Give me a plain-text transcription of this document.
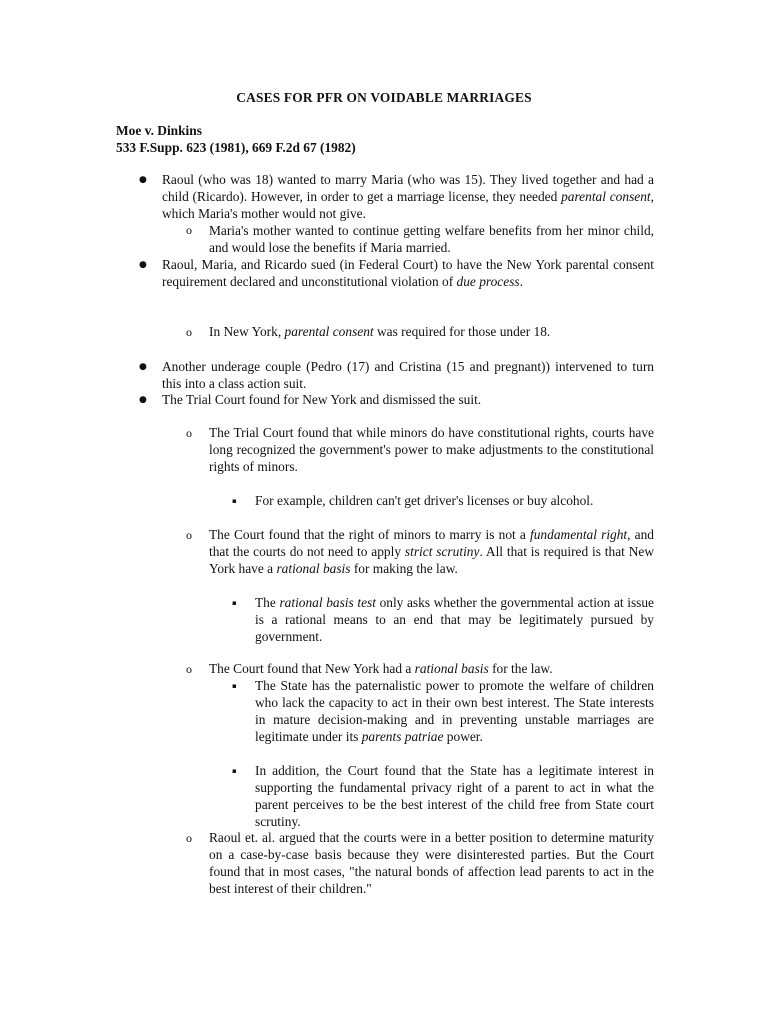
CASES FOR PFR ON VOIDABLE MARRIAGES
Moe v. Dinkins
533 F.Supp. 623 (1981), 669 F.2d 67 (1982)
● Raoul (who was 18) wanted to marry Maria (who was 15). They lived together and had a child (Ricardo). However, in order to get a marriage license, they needed parental consent, which Maria's mother would not give.
o Maria's mother wanted to continue getting welfare benefits from her minor child, and would lose the benefits if Maria married.
● Raoul, Maria, and Ricardo sued (in Federal Court) to have the New York parental consent requirement declared and unconstitutional violation of due process.
o In New York, parental consent was required for those under 18.
● Another underage couple (Pedro (17) and Cristina (15 and pregnant)) intervened to turn this into a class action suit.
● The Trial Court found for New York and dismissed the suit.
o The Trial Court found that while minors do have constitutional rights, courts have long recognized the government's power to make adjustments to the constitutional rights of minors.
▪ For example, children can't get driver's licenses or buy alcohol.
o The Court found that the right of minors to marry is not a fundamental right, and that the courts do not need to apply strict scrutiny. All that is required is that New York have a rational basis for making the law.
▪ The rational basis test only asks whether the governmental action at issue is a rational means to an end that may be legitimately pursued by government.
o The Court found that New York had a rational basis for the law.
▪ The State has the paternalistic power to promote the welfare of children who lack the capacity to act in their own best interest. The State interests in mature decision-making and in preventing unstable marriages are legitimate under its parents patriae power.
▪ In addition, the Court found that the State has a legitimate interest in supporting the fundamental privacy right of a parent to act in what the parent perceives to be the best interest of the child free from State court scrutiny.
o Raoul et. al. argued that the courts were in a better position to determine maturity on a case-by-case basis because they were disinterested parties. But the Court found that in most cases, "the natural bonds of affection lead parents to act in the best interest of their children."
